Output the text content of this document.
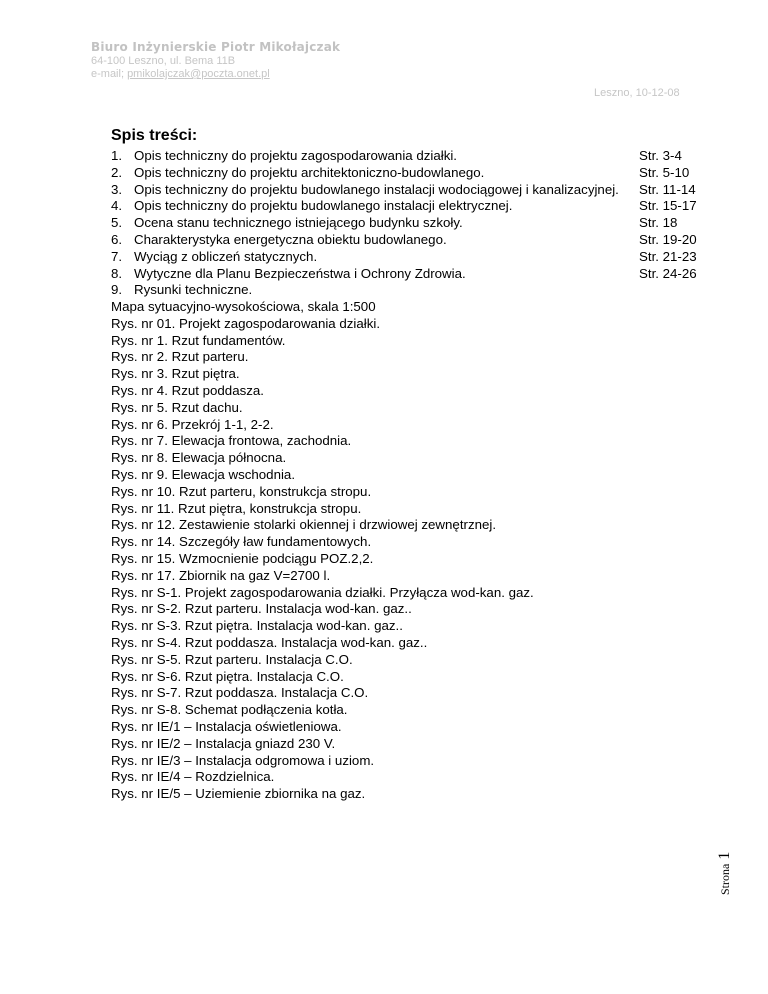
Biuro Inżynierskie Piotr Mikołajczak
64-100 Leszno, ul. Bema 11B
e-mail; pmikolajczak@poczta.onet.pl
Leszno, 10-12-08
Spis treści:
1. Opis techniczny do projektu zagospodarowania działki.	Str. 3-4
2. Opis techniczny do projektu architektoniczno-budowlanego.	Str. 5-10
3. Opis techniczny do projektu budowlanego instalacji wodociągowej i kanalizacyjnej. Str. 11-14
4. Opis techniczny do projektu budowlanego instalacji elektrycznej.	Str. 15-17
5. Ocena stanu technicznego istniejącego budynku szkoły.	Str. 18
6. Charakterystyka energetyczna obiektu budowlanego.	Str. 19-20
7. Wyciąg z obliczeń statycznych.	Str. 21-23
8. Wytyczne dla Planu Bezpieczeństwa i Ochrony Zdrowia.	Str. 24-26
9. Rysunki techniczne.
Mapa sytuacyjno-wysokościowa, skala 1:500
Rys. nr 01. Projekt zagospodarowania działki.
Rys. nr 1. Rzut fundamentów.
Rys. nr 2. Rzut parteru.
Rys. nr 3. Rzut piętra.
Rys. nr 4. Rzut poddasza.
Rys. nr 5. Rzut dachu.
Rys. nr 6. Przekrój 1-1, 2-2.
Rys. nr 7. Elewacja frontowa, zachodnia.
Rys. nr 8. Elewacja północna.
Rys. nr 9. Elewacja wschodnia.
Rys. nr 10. Rzut parteru, konstrukcja stropu.
Rys. nr 11. Rzut piętra, konstrukcja stropu.
Rys. nr 12. Zestawienie stolarki okiennej i drzwiowej zewnętrznej.
Rys. nr 14. Szczegóły ław fundamentowych.
Rys. nr 15. Wzmocnienie podciągu POZ.2,2.
Rys. nr 17. Zbiornik na gaz V=2700 l.
Rys. nr S-1. Projekt zagospodarowania działki. Przyłącza wod-kan. gaz.
Rys. nr S-2. Rzut parteru. Instalacja wod-kan. gaz..
Rys. nr S-3. Rzut piętra. Instalacja wod-kan. gaz..
Rys. nr S-4. Rzut poddasza. Instalacja wod-kan. gaz..
Rys. nr S-5. Rzut parteru. Instalacja C.O.
Rys. nr S-6. Rzut piętra. Instalacja C.O.
Rys. nr S-7. Rzut poddasza. Instalacja C.O.
Rys. nr S-8. Schemat podłączenia kotła.
Rys. nr IE/1 – Instalacja oświetleniowa.
Rys. nr IE/2 – Instalacja gniazd 230 V.
Rys. nr IE/3 – Instalacja odgromowa i uziom.
Rys. nr IE/4 – Rozdzielnica.
Rys. nr IE/5 – Uziemienie zbiornika na gaz.
Strona1
